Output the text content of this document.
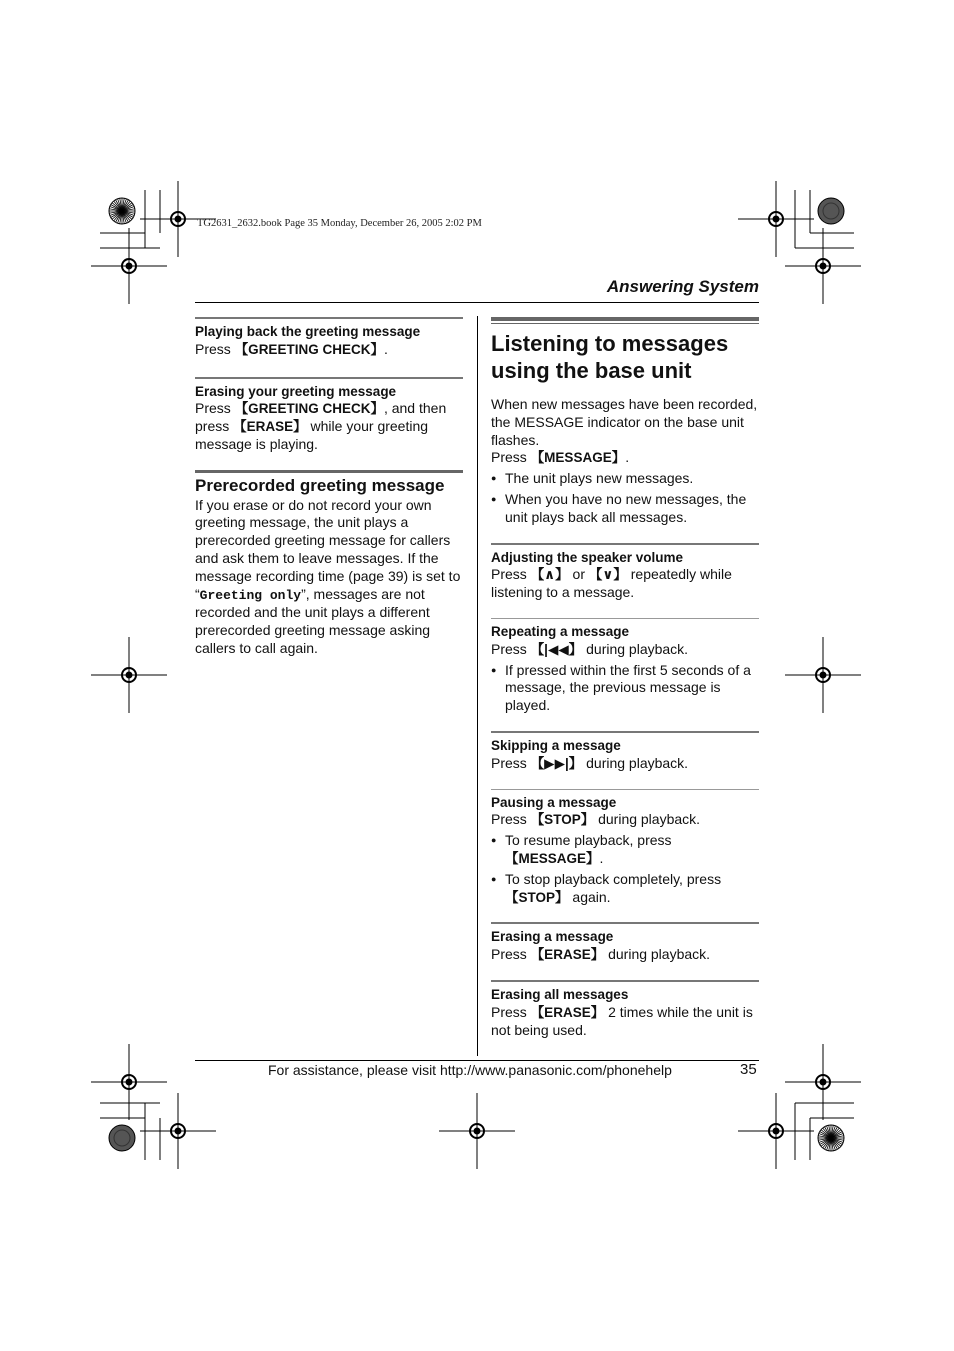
TG2631_2632.book Page 35 Monday, December 26, 2005 2:02 PM
Answering System
Playing back the greeting message

Press 【GREETING CHECK】.

Erasing your greeting message

Press 【GREETING CHECK】, and then press 【ERASE】 while your greeting message is playing.

Prerecorded greeting message

If you erase or do not record your own greeting message, the unit plays a prerecorded greeting message for callers and ask them to leave messages. If the message recording time (page 39) is set to “Greeting only”, messages are not recorded and the unit plays a different prerecorded greeting message asking callers to call again.

Listening to messages using the base unit

When new messages have been recorded, the MESSAGE indicator on the base unit flashes.

Press 【MESSAGE】.

● The unit plays new messages.

● When you have no new messages, the unit plays back all messages.

Adjusting the speaker volume

Press 【∧】 or 【∨】 repeatedly while listening to a message.

Repeating a message

Press 【|◀◀】 during playback.

● If pressed within the first 5 seconds of a message, the previous message is played.

Skipping a message

Press 【▶▶|】 during playback.

Pausing a message

Press 【STOP】 during playback.

● To resume playback, press 【MESSAGE】.

● To stop playback completely, press 【STOP】 again.

Erasing a message

Press 【ERASE】 during playback.

Erasing all messages

Press 【ERASE】 2 times while the unit is not being used.

For assistance, please visit http://www.panasonic.com/phonehelp	35
